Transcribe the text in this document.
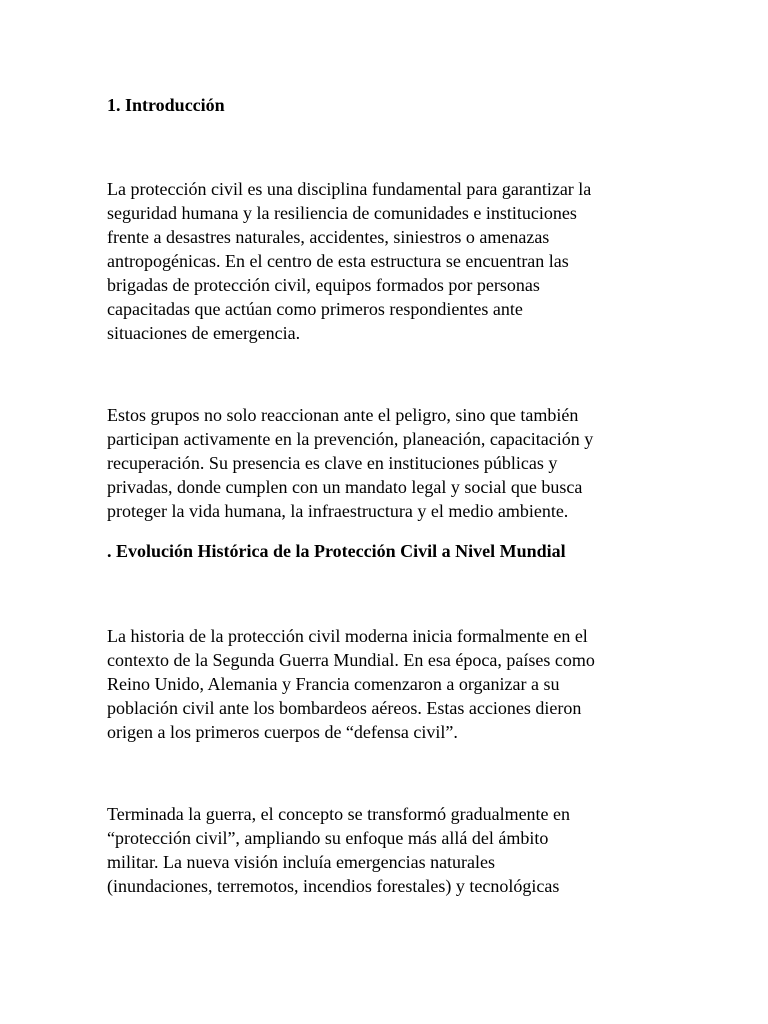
1. Introducción

La protección civil es una disciplina fundamental para garantizar la
seguridad humana y la resiliencia de comunidades e instituciones
frente a desastres naturales, accidentes, siniestros o amenazas
antropogénicas. En el centro de esta estructura se encuentran las
brigadas de protección civil, equipos formados por personas
capacitadas que actúan como primeros respondientes ante
situaciones de emergencia.

Estos grupos no solo reaccionan ante el peligro, sino que también
participan activamente en la prevención, planeación, capacitación y
recuperación. Su presencia es clave en instituciones públicas y
privadas, donde cumplen con un mandato legal y social que busca
proteger la vida humana, la infraestructura y el medio ambiente.

. Evolución Histórica de la Protección Civil a Nivel Mundial

La historia de la protección civil moderna inicia formalmente en el
contexto de la Segunda Guerra Mundial. En esa época, países como
Reino Unido, Alemania y Francia comenzaron a organizar a su
población civil ante los bombardeos aéreos. Estas acciones dieron
origen a los primeros cuerpos de “defensa civil”.

Terminada la guerra, el concepto se transformó gradualmente en
“protección civil”, ampliando su enfoque más allá del ámbito
militar. La nueva visión incluía emergencias naturales
(inundaciones, terremotos, incendios forestales) y tecnológicas
